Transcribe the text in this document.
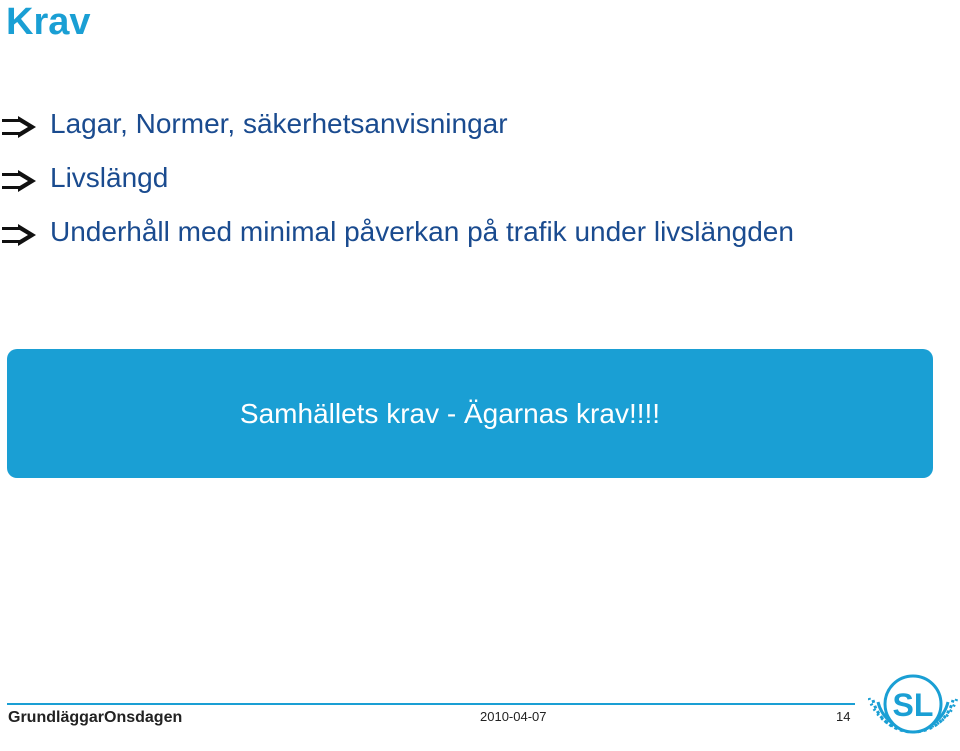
Krav
Lagar, Normer, säkerhetsanvisningar
Livslängd
Underhåll med minimal påverkan på trafik under livslängden
Samhällets krav - Ägarnas krav!!!!
GrundläggarOnsdagen	2010-04-07	14 SL
